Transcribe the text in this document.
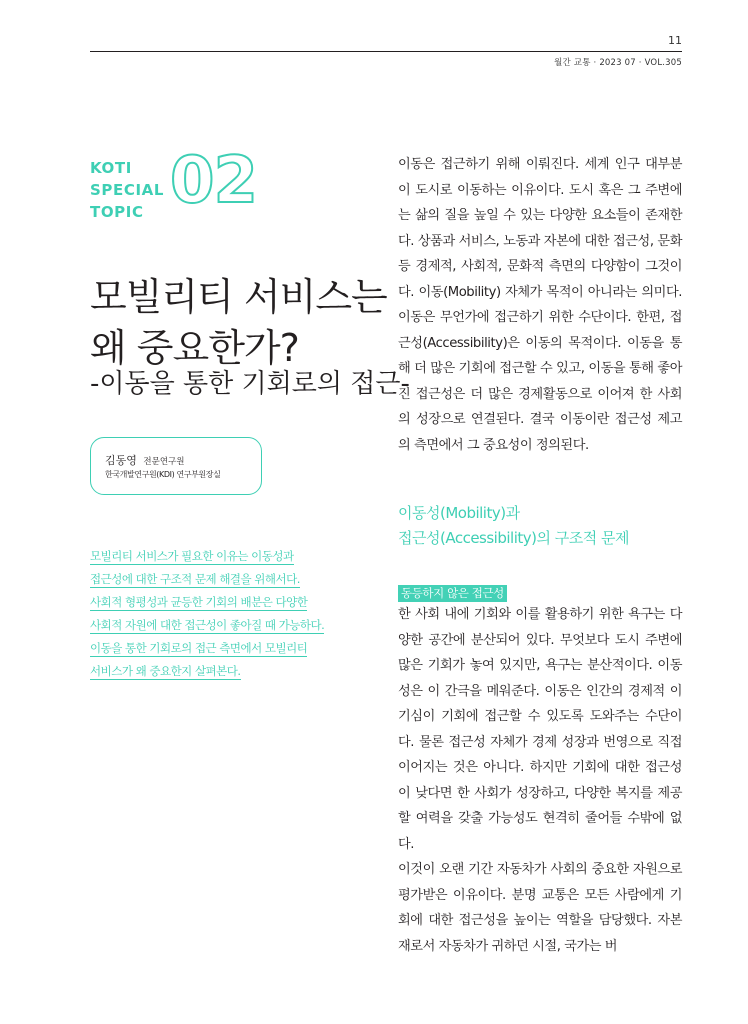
11
월간 교통 · 2023 07 · VOL.305
KOTI
SPECIAL
TOPIC 02
모빌리티 서비스는
왜 중요한가?
-이동을 통한 기회로의 접근-
김동영 전문연구원
한국개발연구원(KDI) 연구부원장실
모빌리티 서비스가 필요한 이유는 이동성과
접근성에 대한 구조적 문제 해결을 위해서다.
사회적 형평성과 균등한 기회의 배분은 다양한
사회적 자원에 대한 접근성이 좋아질 때 가능하다.
이동을 통한 기회로의 접근 측면에서 모빌리티
서비스가 왜 중요한지 살펴본다.

이동은 접근하기 위해 이뤄진다. 세계 인구 대부분이 도시로 이동하는 이유이다. 도시 혹은 그 주변에는 삶의 질을 높일 수 있는 다양한 요소들이 존재한다. 상품과 서비스, 노동과 자본에 대한 접근성, 문화 등 경제적, 사회적, 문화적 측면의 다양함이 그것이다. 이동(Mobility) 자체가 목적이 아니라는 의미다. 이동은 무언가에 접근하기 위한 수단이다. 한편, 접근성(Accessibility)은 이동의 목적이다. 이동을 통해 더 많은 기회에 접근할 수 있고, 이동을 통해 좋아진 접근성은 더 많은 경제활동으로 이어져 한 사회의 성장으로 연결된다. 결국 이동이란 접근성 제고의 측면에서 그 중요성이 정의된다.

이동성(Mobility)과
접근성(Accessibility)의 구조적 문제
동등하지 않은 접근성

한 사회 내에 기회와 이를 활용하기 위한 욕구는 다양한 공간에 분산되어 있다. 무엇보다 도시 주변에 많은 기회가 놓여 있지만, 욕구는 분산적이다. 이동성은 이 간극을 메워준다. 이동은 인간의 경제적 이기심이 기회에 접근할 수 있도록 도와주는 수단이다. 물론 접근성 자체가 경제 성장과 번영으로 직접 이어지는 것은 아니다. 하지만 기회에 대한 접근성이 낮다면 한 사회가 성장하고, 다양한 복지를 제공할 여력을 갖출 가능성도 현격히 줄어들 수밖에 없다.

이것이 오랜 기간 자동차가 사회의 중요한 자원으로 평가받은 이유이다. 분명 교통은 모든 사람에게 기회에 대한 접근성을 높이는 역할을 담당했다. 자본재로서 자동차가 귀하던 시절, 국가는 버
